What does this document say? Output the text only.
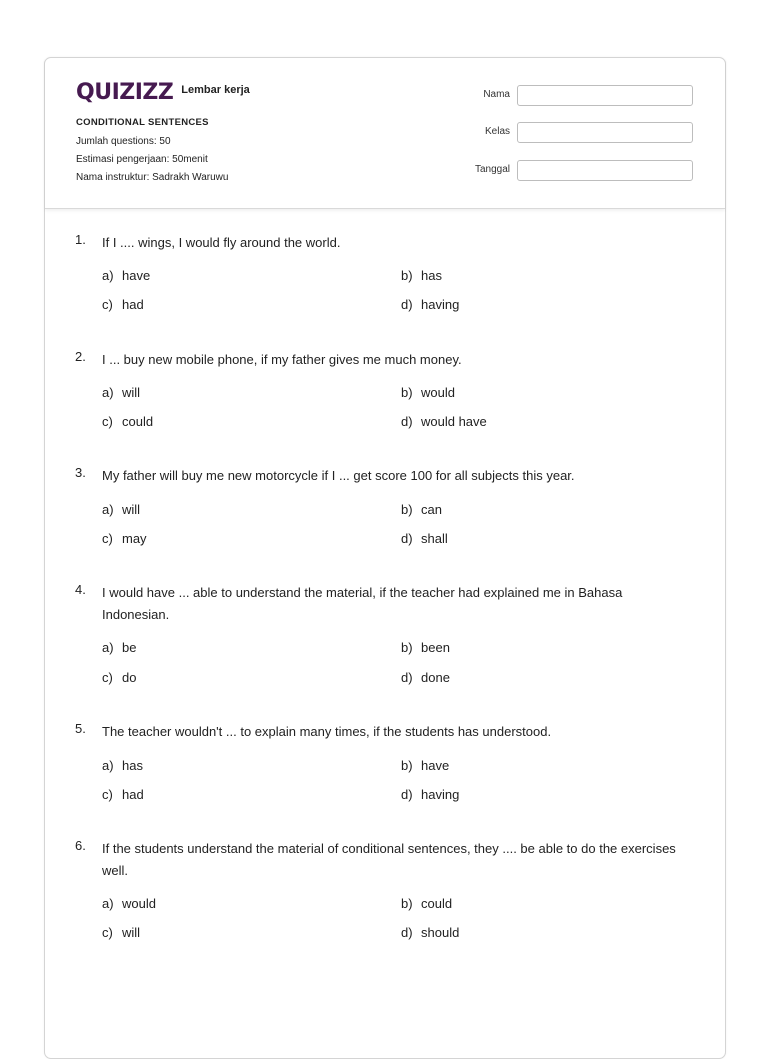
QUIZIZZ Lembar kerja
CONDITIONAL SENTENCES
Jumlah questions: 50
Estimasi pengerjaan: 50menit
Nama instruktur: Sadrakh Waruwu
Nama
Kelas
Tanggal
1. If I .... wings, I would fly around the world.
a) have	b) has
c) had	d) having
2. I ... buy new mobile phone, if my father gives me much money.
a) will	b) would
c) could	d) would have
3. My father will buy me new motorcycle if I ... get score 100 for all subjects this year.
a) will	b) can
c) may	d) shall
4. I would have ... able to understand the material, if the teacher had explained me in Bahasa Indonesian.
a) be	b) been
c) do	d) done
5. The teacher wouldn't ... to explain many times, if the students has understood.
a) has	b) have
c) had	d) having
6. If the students understand the material of conditional sentences, they .... be able to do the exercises well.
a) would	b) could
c) will	d) should
